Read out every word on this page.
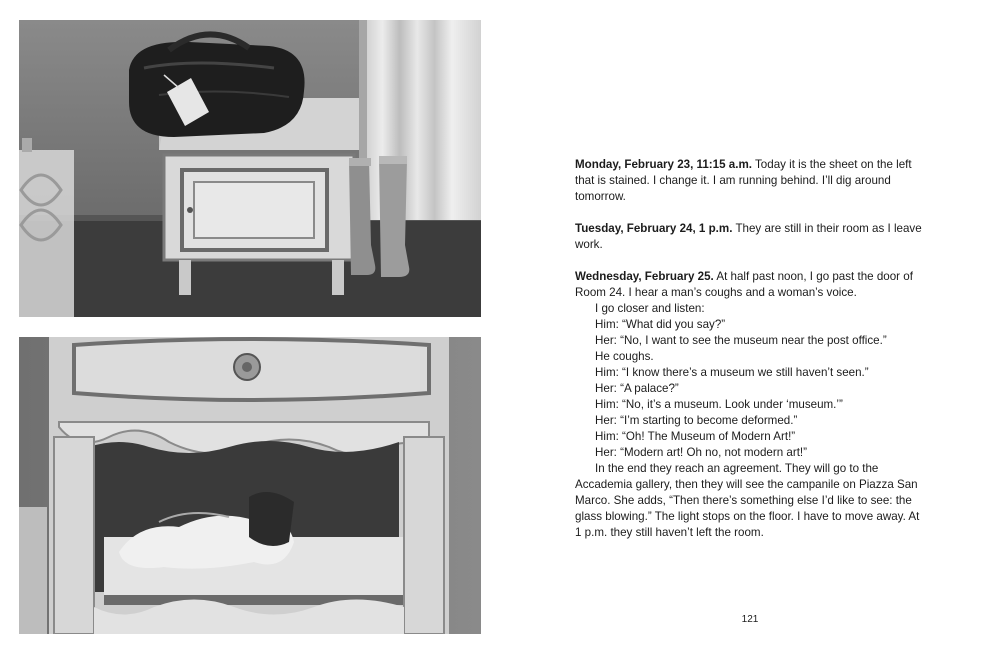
Monday, February 23, 11:15 a.m. Today it is the sheet on the left that is stained. I change it. I am running behind. I’ll dig around tomorrow.

Tuesday, February 24, 1 p.m. They are still in their room as I leave work.

Wednesday, February 25. At half past noon, I go past the door of Room 24. I hear a man’s coughs and a woman’s voice.
I go closer and listen:
Him: “What did you say?”
Her: “No, I want to see the museum near the post office.”
He coughs.
Him: “I know there’s a museum we still haven’t seen.”
Her: “A palace?”
Him: “No, it’s a museum. Look under ‘museum.’”
Her: “I’m starting to become deformed.”
Him: “Oh! The Museum of Modern Art!”
Her: “Modern art! Oh no, not modern art!”
In the end they reach an agreement. They will go to the Accademia gallery, then they will see the campanile on Piazza San Marco. She adds, “Then there’s something else I’d like to see: the glass blowing.” The light stops on the floor. I have to move away. At 1 p.m. they still haven’t left the room.
121
